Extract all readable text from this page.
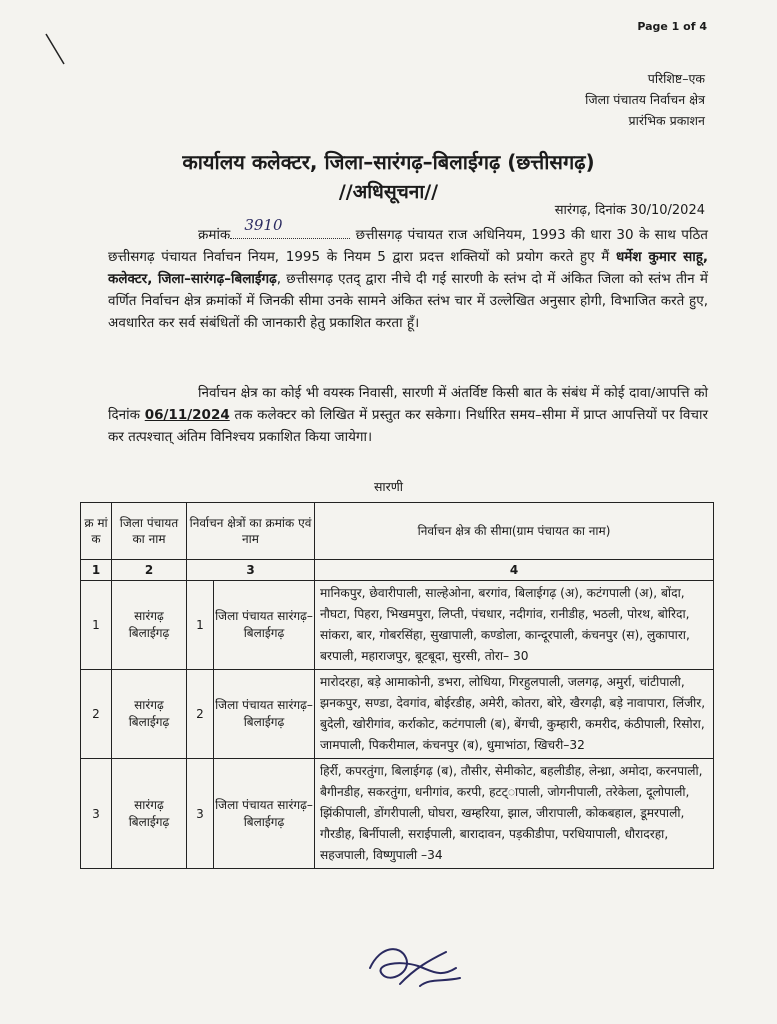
Page 1 of 4
परिशिष्ट–एक
जिला पंचातय निर्वाचन क्षेत्र
प्रारंभिक प्रकाशन
कार्यालय कलेक्टर, जिला–सारंगढ़–बिलाईगढ़ (छत्तीसगढ़)
//अधिसूचना//
सारंगढ़, दिनांक 30/10/2024
क्रमांक
3910
छत्तीसगढ़ पंचायत राज अधिनियम, 1993 की धारा 30 के साथ पठित छत्तीसगढ़ पंचायत निर्वाचन नियम, 1995 के नियम 5 द्वारा प्रदत्त शक्तियों को प्रयोग करते हुए मैं धर्मेश कुमार साहू, कलेक्टर, जिला–सारंगढ़–बिलाईगढ़, छत्तीसगढ़ एतद् द्वारा नीचे दी गई सारणी के स्तंभ दो में अंकित जिला को स्तंभ तीन में वर्णित निर्वाचन क्षेत्र क्रमांकों में जिनकी सीमा उनके सामने अंकित स्तंभ चार में उल्लेखित अनुसार होगी, विभाजित करते हुए, अवधारित कर सर्व संबंधितों की जानकारी हेतु प्रकाशित करता हूँ।
निर्वाचन क्षेत्र का कोई भी वयस्क निवासी, सारणी में अंतर्विष्ट किसी बात के संबंध में कोई दावा/आपत्ति को दिनांक 06/11/2024 तक कलेक्टर को लिखित में प्रस्तुत कर सकेगा। निर्धारित समय–सीमा में प्राप्त आपत्तियों पर विचार कर तत्पश्चात् अंतिम विनिश्चय प्रकाशित किया जायेगा।
सारणी
क्र मां क	जिला पंचायत का नाम	निर्वाचन क्षेत्रों का क्रमांक एवं नाम		निर्वाचन क्षेत्र की सीमा(ग्राम पंचायत का नाम)
1	2	3		4
1	सारंगढ़ बिलाईगढ़	1	जिला पंचायत सारंगढ़–बिलाईगढ़	मानिकपुर, छेवारीपाली, साल्हेओना, बरगांव, बिलाईगढ़ (अ), कटंगपाली (अ), बोंदा, नौघटा, पिहरा, भिखमपुरा, लिप्ती, पंचधार, नदीगांव, रानीडीह, भठली, पोरथ, बोरिदा, सांकरा, बार, गोबरसिंहा, सुखापाली, कण्डोला, कान्दूरपाली, कंचनपुर (स), लुकापारा, बरपाली, महाराजपुर, बूटबूदा, सुरसी, तोरा– 30
2	सारंगढ़ बिलाईगढ़	2	जिला पंचायत सारंगढ़–बिलाईगढ़	मारोदरहा, बड़े आमाकोनी, डभरा, लोधिया, गिरहुलपाली, जलगढ़, अमुर्रा, चांटीपाली, झनकपुर, सण्डा, देवगांव, बोईरडीह, अमेरी, कोतरा, बोरे, खैरगढ़ी, बड़े नावापारा, लिंजीर, बुदेली, खोरीगांव, कर्राकोट, कटंगपाली (ब), बेंगची, कुम्हारी, कमरीद, कंठीपाली, रिसोरा, जामपाली, पिकरीमाल, कंचनपुर (ब), धुमाभांठा, खिचरी–32
3	सारंगढ़ बिलाईगढ़	3	जिला पंचायत सारंगढ़–बिलाईगढ़	हिर्री, कपरतुंगा, बिलाईगढ़ (ब), तौसीर, सेमीकोट, बहलीडीह, लेन्ध्रा, अमोदा, करनपाली, बैगीनडीह, सकरतुंगा, धनीगांव, करपी, हटट्ापाली, जोगनीपाली, तरेकेला, दूलोपाली, झिंकीपाली, डोंगरीपाली, घोघरा, खम्हरिया, झाल, जीरापाली, कोकबहाल, डूमरपाली, गौरडीह, बिर्नीपाली, सराईपाली, बारादावन, पड़कीडीपा, परधियापाली, धौरादरहा, सहजपाली, विष्णुपाली –34
